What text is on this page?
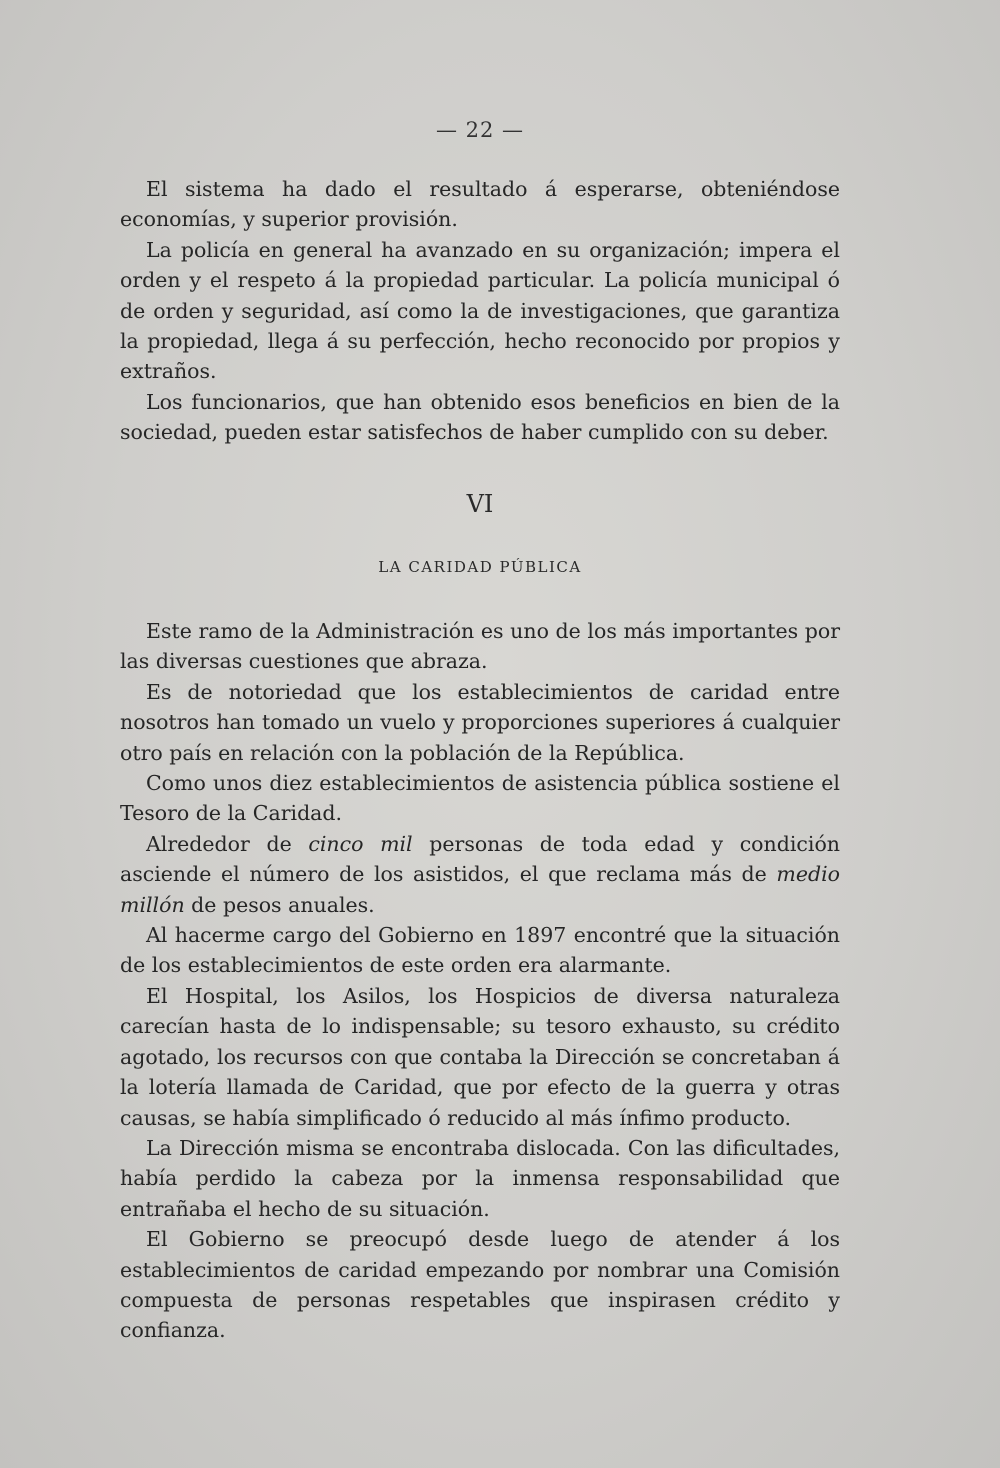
— 22 —

El sistema ha dado el resultado á esperarse, obteniéndose economías, y superior provisión.

La policía en general ha avanzado en su organización; impera el orden y el respeto á la propiedad particular. La policía municipal ó de orden y seguridad, así como la de investigaciones, que garantiza la propiedad, llega á su perfección, hecho reconocido por propios y extraños.

Los funcionarios, que han obtenido esos beneficios en bien de la sociedad, pueden estar satisfechos de haber cumplido con su deber.

VI
LA CARIDAD PÚBLICA

Este ramo de la Administración es uno de los más importantes por las diversas cuestiones que abraza.

Es de notoriedad que los establecimientos de caridad entre nosotros han tomado un vuelo y proporciones superiores á cualquier otro país en relación con la población de la República.

Como unos diez establecimientos de asistencia pública sostiene el Tesoro de la Caridad.

Alrededor de cinco mil personas de toda edad y condición asciende el número de los asistidos, el que reclama más de medio millón de pesos anuales.

Al hacerme cargo del Gobierno en 1897 encontré que la situación de los establecimientos de este orden era alarmante.

El Hospital, los Asilos, los Hospicios de diversa naturaleza carecían hasta de lo indispensable; su tesoro exhausto, su crédito agotado, los recursos con que contaba la Dirección se concretaban á la lotería llamada de Caridad, que por efecto de la guerra y otras causas, se había simplificado ó reducido al más ínfimo producto.

La Dirección misma se encontraba dislocada. Con las dificultades, había perdido la cabeza por la inmensa responsabilidad que entrañaba el hecho de su situación.

El Gobierno se preocupó desde luego de atender á los establecimientos de caridad empezando por nombrar una Comisión compuesta de personas respetables que inspirasen crédito y confianza.
